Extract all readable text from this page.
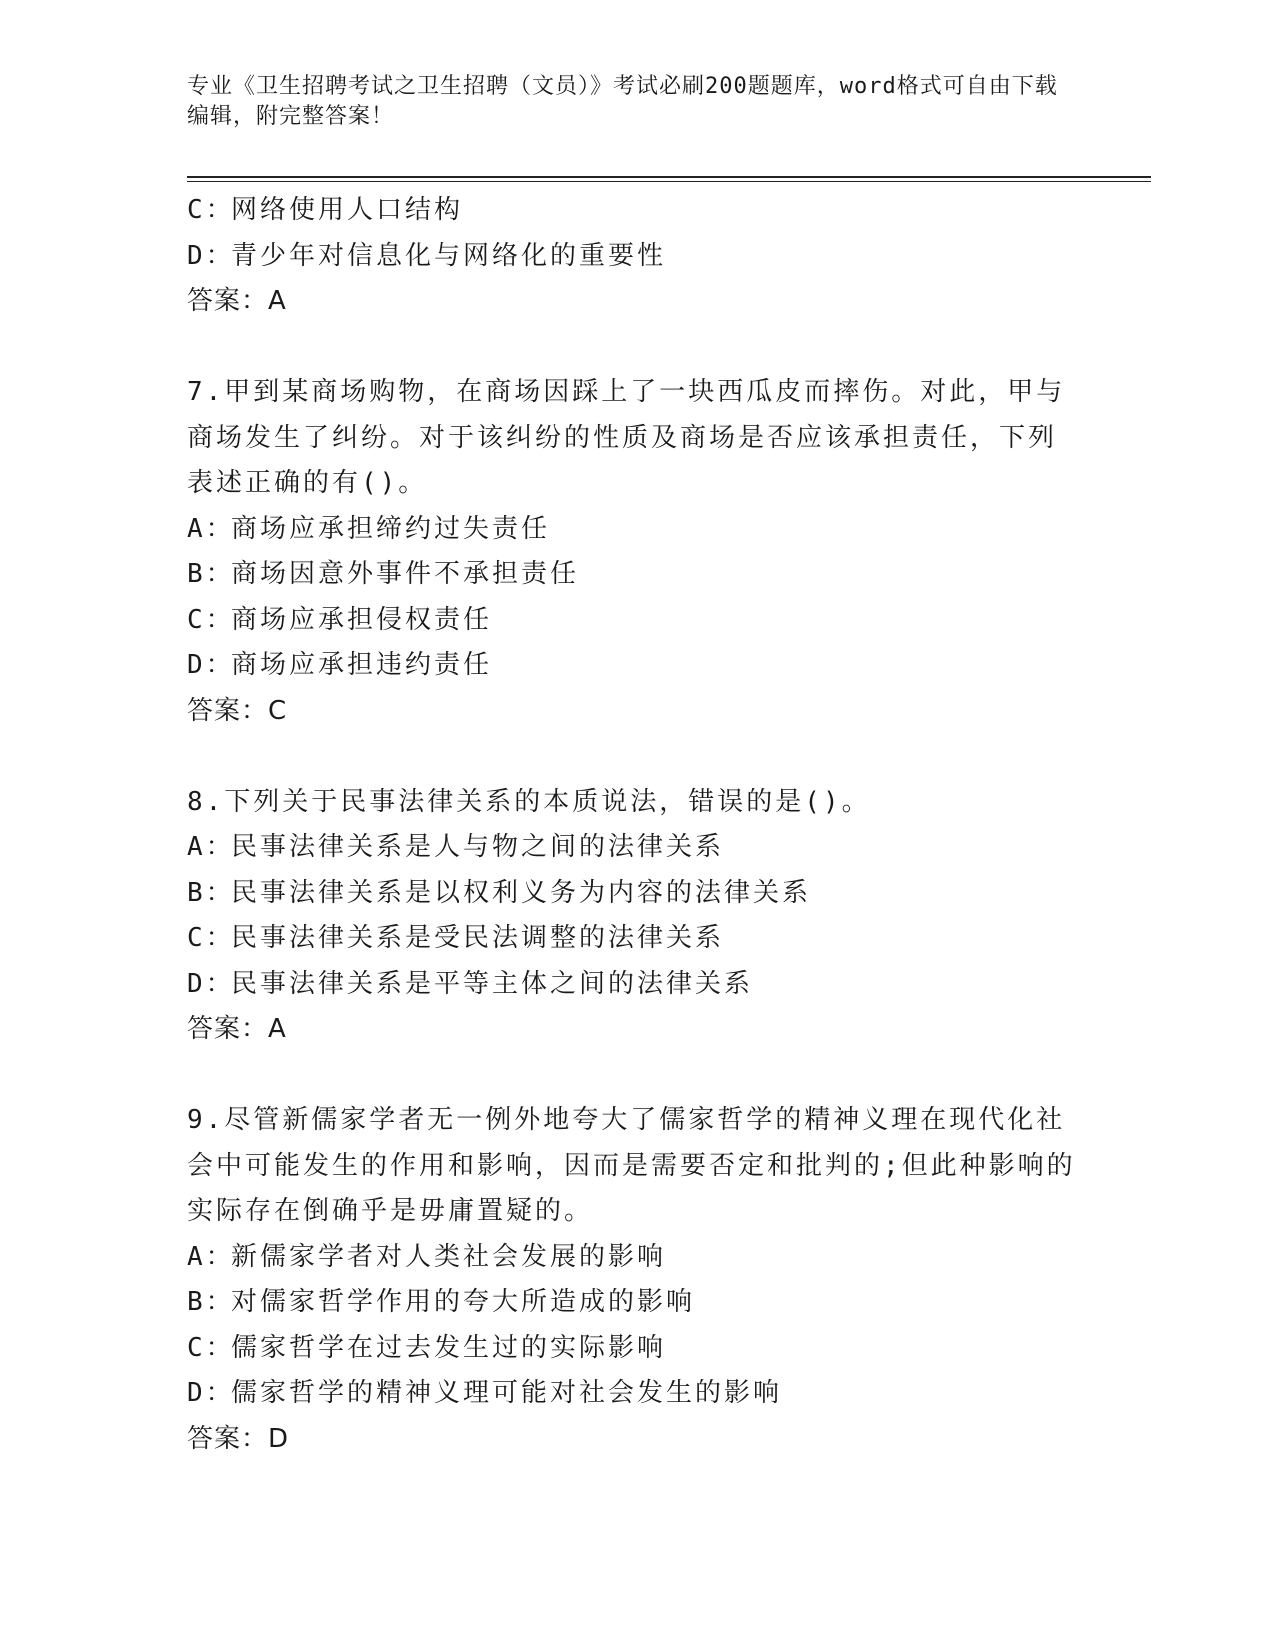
专业《卫生招聘考试之卫生招聘（文员）》考试必刷200题题库，word格式可自由下载编辑，附完整答案！
C：网络使用人口结构
D：青少年对信息化与网络化的重要性
答案：A
7.甲到某商场购物，在商场因踩上了一块西瓜皮而摔伤。对此，甲与
商场发生了纠纷。对于该纠纷的性质及商场是否应该承担责任，下列
表述正确的有()。
A：商场应承担缔约过失责任
B：商场因意外事件不承担责任
C：商场应承担侵权责任
D：商场应承担违约责任
答案：C
8.下列关于民事法律关系的本质说法，错误的是()。
A：民事法律关系是人与物之间的法律关系
B：民事法律关系是以权利义务为内容的法律关系
C：民事法律关系是受民法调整的法律关系
D：民事法律关系是平等主体之间的法律关系
答案：A
9.尽管新儒家学者无一例外地夸大了儒家哲学的精神义理在现代化社
会中可能发生的作用和影响，因而是需要否定和批判的;但此种影响的
实际存在倒确乎是毋庸置疑的。
A：新儒家学者对人类社会发展的影响
B：对儒家哲学作用的夸大所造成的影响
C：儒家哲学在过去发生过的实际影响
D：儒家哲学的精神义理可能对社会发生的影响
答案：D
